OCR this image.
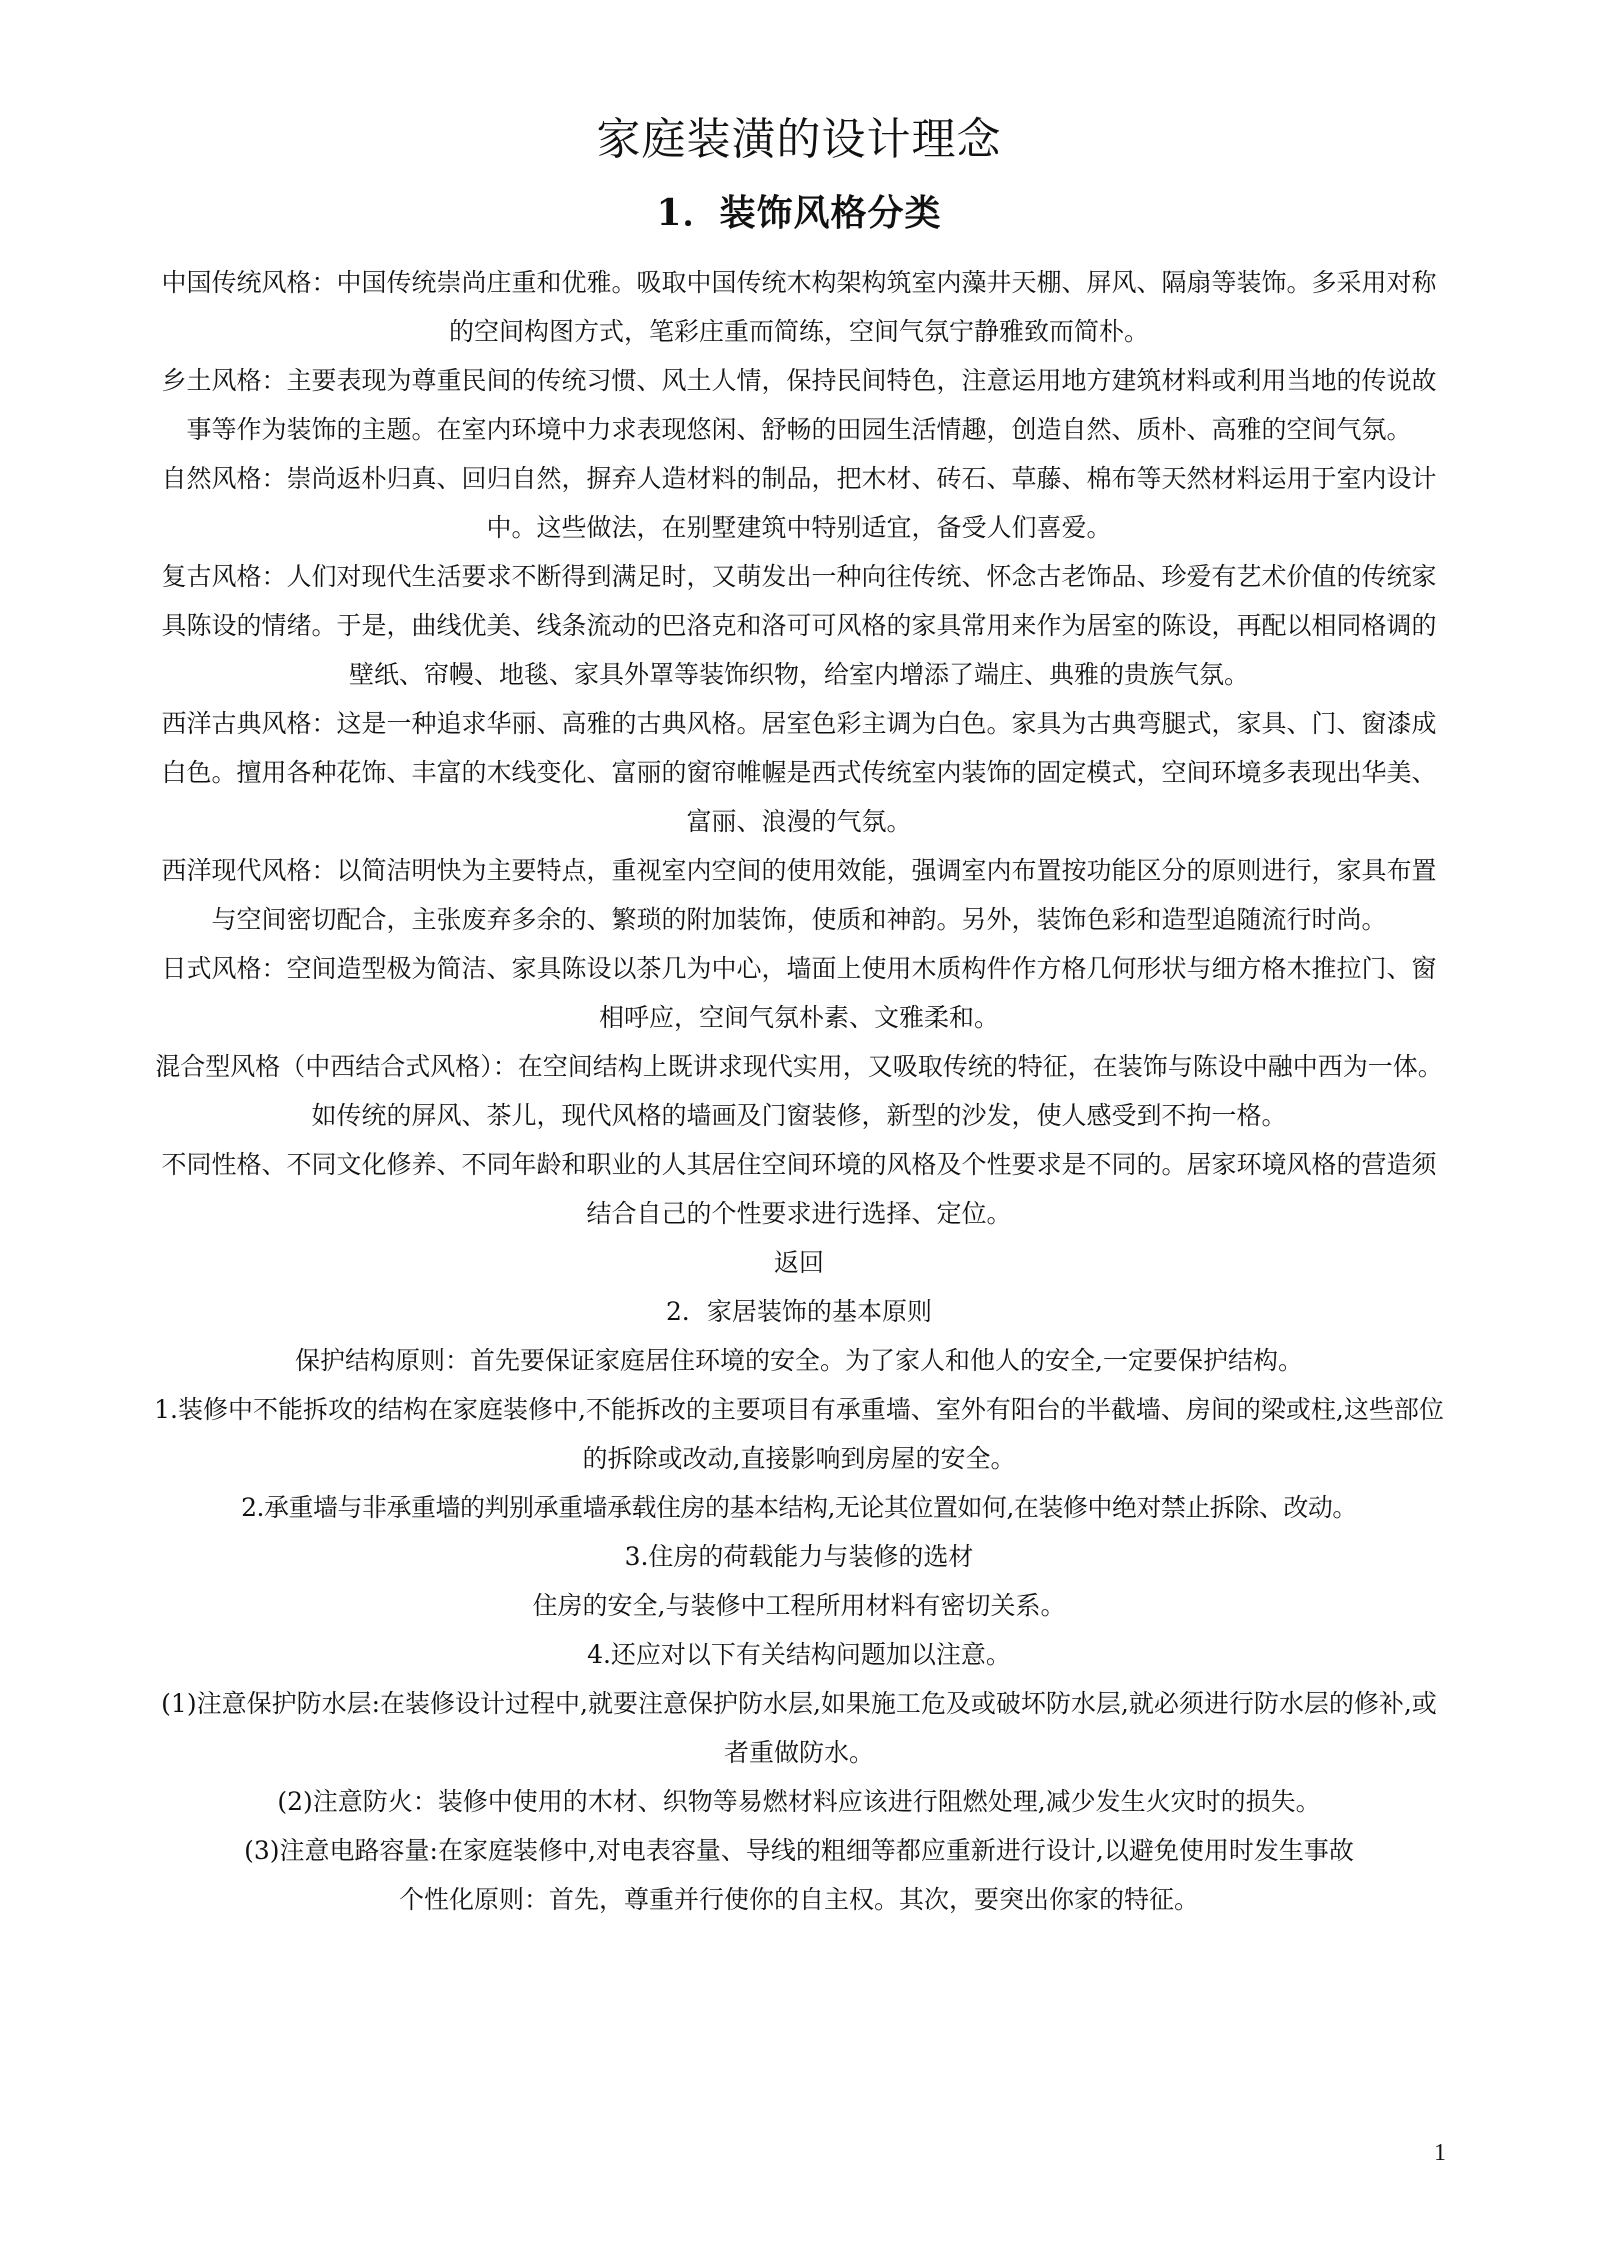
家庭装潢的设计理念
1．装饰风格分类

中国传统风格：中国传统崇尚庄重和优雅。吸取中国传统木构架构筑室内藻井天棚、屏风、隔扇等装饰。多采用对称的空间构图方式，笔彩庄重而简练，空间气氛宁静雅致而简朴。

乡土风格：主要表现为尊重民间的传统习惯、风土人情，保持民间特色，注意运用地方建筑材料或利用当地的传说故事等作为装饰的主题。在室内环境中力求表现悠闲、舒畅的田园生活情趣，创造自然、质朴、高雅的空间气氛。

自然风格：崇尚返朴归真、回归自然，摒弃人造材料的制品，把木材、砖石、草藤、棉布等天然材料运用于室内设计中。这些做法，在别墅建筑中特别适宜，备受人们喜爱。

复古风格：人们对现代生活要求不断得到满足时，又萌发出一种向往传统、怀念古老饰品、珍爱有艺术价值的传统家具陈设的情绪。于是，曲线优美、线条流动的巴洛克和洛可可风格的家具常用来作为居室的陈设，再配以相同格调的壁纸、帘幔、地毯、家具外罩等装饰织物，给室内增添了端庄、典雅的贵族气氛。

西洋古典风格：这是一种追求华丽、高雅的古典风格。居室色彩主调为白色。家具为古典弯腿式，家具、门、窗漆成白色。擅用各种花饰、丰富的木线变化、富丽的窗帘帷幄是西式传统室内装饰的固定模式，空间环境多表现出华美、富丽、浪漫的气氛。

西洋现代风格：以简洁明快为主要特点，重视室内空间的使用效能，强调室内布置按功能区分的原则进行，家具布置与空间密切配合，主张废弃多余的、繁琐的附加装饰，使质和神韵。另外，装饰色彩和造型追随流行时尚。

日式风格：空间造型极为简洁、家具陈设以茶几为中心，墙面上使用木质构件作方格几何形状与细方格木推拉门、窗相呼应，空间气氛朴素、文雅柔和。

混合型风格（中西结合式风格）：在空间结构上既讲求现代实用，又吸取传统的特征，在装饰与陈设中融中西为一体。如传统的屏风、茶儿，现代风格的墙画及门窗装修，新型的沙发，使人感受到不拘一格。

不同性格、不同文化修养、不同年龄和职业的人其居住空间环境的风格及个性要求是不同的。居家环境风格的营造须结合自己的个性要求进行选择、定位。

返回

2．家居装饰的基本原则

保护结构原则：首先要保证家庭居住环境的安全。为了家人和他人的安全,一定要保护结构。

1.装修中不能拆攻的结构在家庭装修中,不能拆改的主要项目有承重墙、室外有阳台的半截墙、房间的梁或柱,这些部位的拆除或改动,直接影响到房屋的安全。

2.承重墙与非承重墙的判别承重墙承载住房的基本结构,无论其位置如何,在装修中绝对禁止拆除、改动。

3.住房的荷载能力与装修的选材

住房的安全,与装修中工程所用材料有密切关系。

4.还应对以下有关结构问题加以注意。

(1)注意保护防水层:在装修设计过程中,就要注意保护防水层,如果施工危及或破坏防水层,就必须进行防水层的修补,或者重做防水。

(2)注意防火：装修中使用的木材、织物等易燃材料应该进行阻燃处理,减少发生火灾时的损失。

(3)注意电路容量:在家庭装修中,对电表容量、导线的粗细等都应重新进行设计,以避免使用时发生事故

个性化原则：首先，尊重并行使你的自主权。其次，要突出你家的特征。

1
